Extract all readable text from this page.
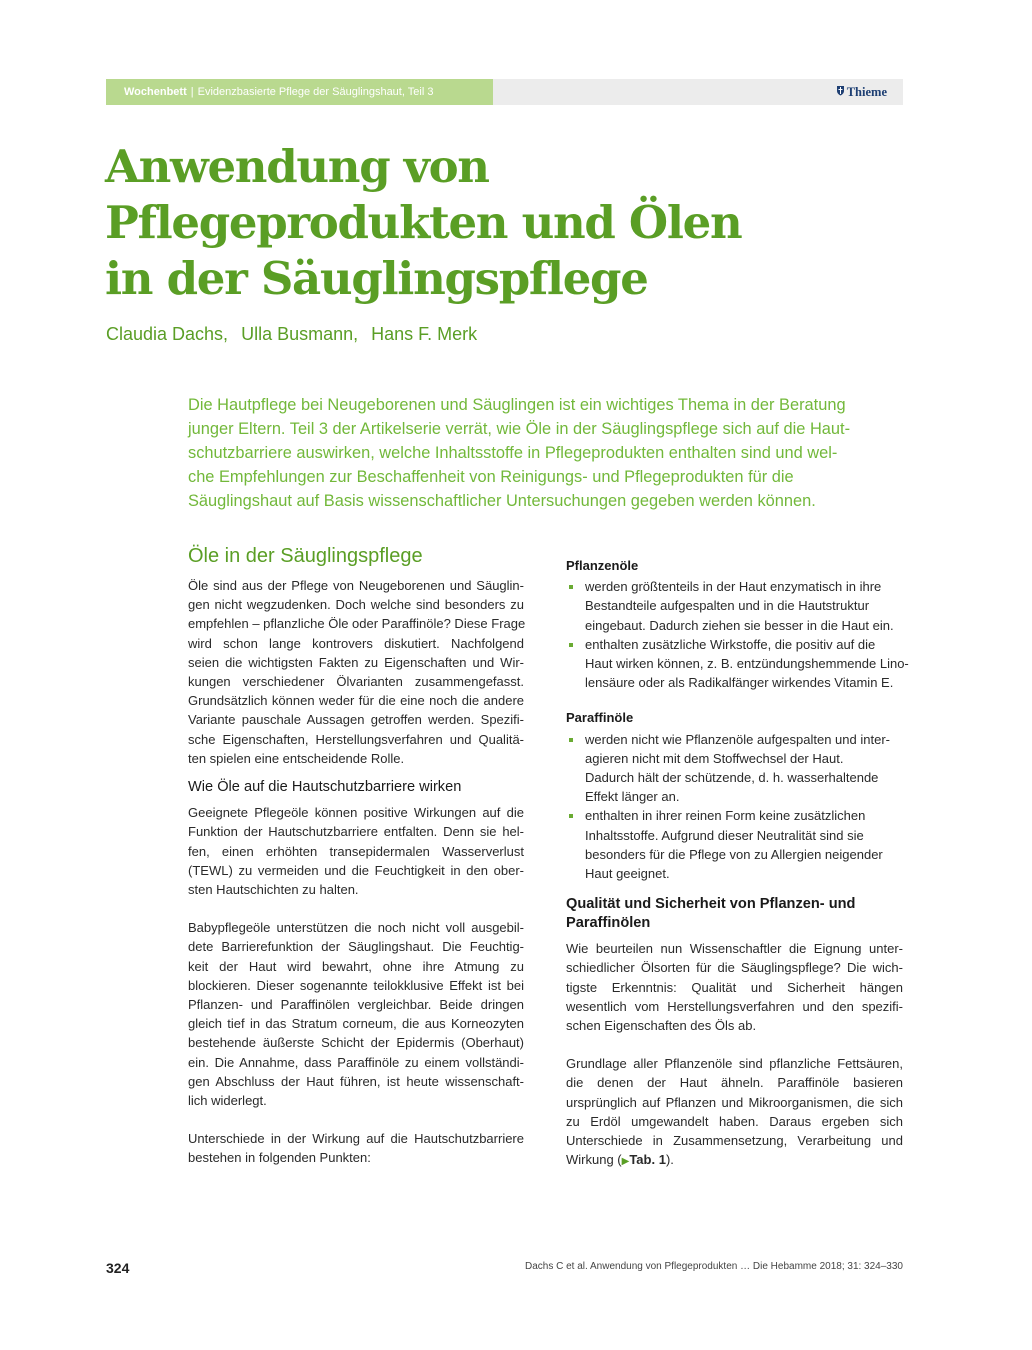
Wochenbett | Evidenzbasierte Pflege der Säuglingshaut, Teil 3	Thieme
Anwendung von
Pflegeprodukten und Ölen
in der Säuglingspflege
Claudia Dachs, Ulla Busmann, Hans F. Merk
Die Hautpflege bei Neugeborenen und Säuglingen ist ein wichtiges Thema in der Beratung
junger Eltern. Teil 3 der Artikelserie verrät, wie Öle in der Säuglingspflege sich auf die Haut-
schutzbarriere auswirken, welche Inhaltsstoffe in Pflegeprodukten enthalten sind und wel-
che Empfehlungen zur Beschaffenheit von Reinigungs- und Pflegeprodukten für die
Säuglingshaut auf Basis wissenschaftlicher Untersuchungen gegeben werden können.
Öle in der Säuglingspflege
Öle sind aus der Pflege von Neugeborenen und Säuglin-
gen nicht wegzudenken. Doch welche sind besonders zu
empfehlen – pflanzliche Öle oder Paraffinöle? Diese Frage
wird schon lange kontrovers diskutiert. Nachfolgend
seien die wichtigsten Fakten zu Eigenschaften und Wir-
kungen verschiedener Ölvarianten zusammengefasst.
Grundsätzlich können weder für die eine noch die andere
Variante pauschale Aussagen getroffen werden. Spezifi-
sche Eigenschaften, Herstellungsverfahren und Qualitä-
ten spielen eine entscheidende Rolle.
Wie Öle auf die Hautschutzbarriere wirken
Geeignete Pflegeöle können positive Wirkungen auf die
Funktion der Hautschutzbarriere entfalten. Denn sie hel-
fen, einen erhöhten transepidermalen Wasserverlust
(TEWL) zu vermeiden und die Feuchtigkeit in den ober-
sten Hautschichten zu halten.
Babypflegeöle unterstützen die noch nicht voll ausgebil-
dete Barrierefunktion der Säuglingshaut. Die Feuchtig-
keit der Haut wird bewahrt, ohne ihre Atmung zu
blockieren. Dieser sogenannte teilokklusive Effekt ist bei
Pflanzen- und Paraffinölen vergleichbar. Beide dringen
gleich tief in das Stratum corneum, die aus Korneozyten
bestehende äußerste Schicht der Epidermis (Oberhaut)
ein. Die Annahme, dass Paraffinöle zu einem vollständi-
gen Abschluss der Haut führen, ist heute wissenschaft-
lich widerlegt.
Unterschiede in der Wirkung auf die Hautschutzbarriere
bestehen in folgenden Punkten:
Pflanzenöle
werden größtenteils in der Haut enzymatisch in ihre
Bestandteile aufgespalten und in die Hautstruktur
eingebaut. Dadurch ziehen sie besser in die Haut ein.
enthalten zusätzliche Wirkstoffe, die positiv auf die
Haut wirken können, z. B. entzündungshemmende Lino-
lensäure oder als Radikalfänger wirkendes Vitamin E.
Paraffinöle
werden nicht wie Pflanzenöle aufgespalten und inter-
agieren nicht mit dem Stoffwechsel der Haut.
Dadurch hält der schützende, d. h. wasserhaltende
Effekt länger an.
enthalten in ihrer reinen Form keine zusätzlichen
Inhaltsstoffe. Aufgrund dieser Neutralität sind sie
besonders für die Pflege von zu Allergien neigender
Haut geeignet.
Qualität und Sicherheit von Pflanzen- und
Paraffinölen
Wie beurteilen nun Wissenschaftler die Eignung unter-
schiedlicher Ölsorten für die Säuglingspflege? Die wich-
tigste Erkenntnis: Qualität und Sicherheit hängen
wesentlich vom Herstellungsverfahren und den spezifi-
schen Eigenschaften des Öls ab.
Grundlage aller Pflanzenöle sind pflanzliche Fettsäuren,
die denen der Haut ähneln. Paraffinöle basieren
ursprünglich auf Pflanzen und Mikroorganismen, die sich
zu Erdöl umgewandelt haben. Daraus ergeben sich
Unterschiede in Zusammensetzung, Verarbeitung und
Wirkung (▶Tab. 1).
324	Dachs C et al. Anwendung von Pflegeprodukten … Die Hebamme 2018; 31: 324–330
